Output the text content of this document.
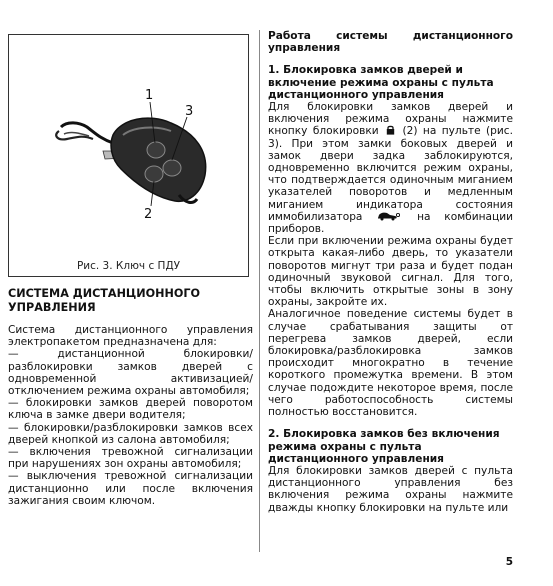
1
3
2
Рис. 3. Ключ с ПДУ
СИСТЕМА ДИСТАНЦИОННОГО УПРАВЛЕНИЯ

Система дистанционного управления электропакетом предназначена для:

— дистанционной блокировки/разблокировки замков дверей с одновременной активизацией/отключением режима охраны автомобиля;

— блокировки замков дверей поворотом ключа в замке двери водителя;

— блокировки/разблокировки замков всех дверей кнопкой из салона автомобиля;

— включения тревожной сигнализации при нарушениях зон охраны автомобиля;

— выключения тревожной сигнализации дистанционно или после включения зажигания своим ключом.

Работа системы дистанционного управления
1. Блокировка замков дверей и включение режима охраны с пульта дистанционного управления

Для блокировки замков дверей и включения режима охраны нажмите кнопку блокировки (2) на пульте (рис. 3). При этом замки боковых дверей и замок двери задка заблокируются, одновременно включится режим охраны, что подтверждается одиночным миганием указателей поворотов и медленным миганием индикатора состояния иммобилизатора	на комбинации приборов.

Если при включении режима охраны будет открыта какая-либо дверь, то указатели поворотов мигнут три раза и будет подан одиночный звуковой сигнал. Для того, чтобы включить открытые зоны в зону охраны, закройте их.

Аналогичное поведение системы будет в случае срабатывания защиты от перегрева замков дверей, если блокировка/разблокировка замков происходит многократно в течение короткого промежутка времени. В этом случае подождите некоторое время, после чего работоспособность системы полностью восстановится.

2. Блокировка замков без включения режима охраны с пульта дистанционного управления

Для блокировки замков дверей с пульта дистанционного управления без включения режима охраны нажмите дважды кнопку блокировки на пульте или

5
